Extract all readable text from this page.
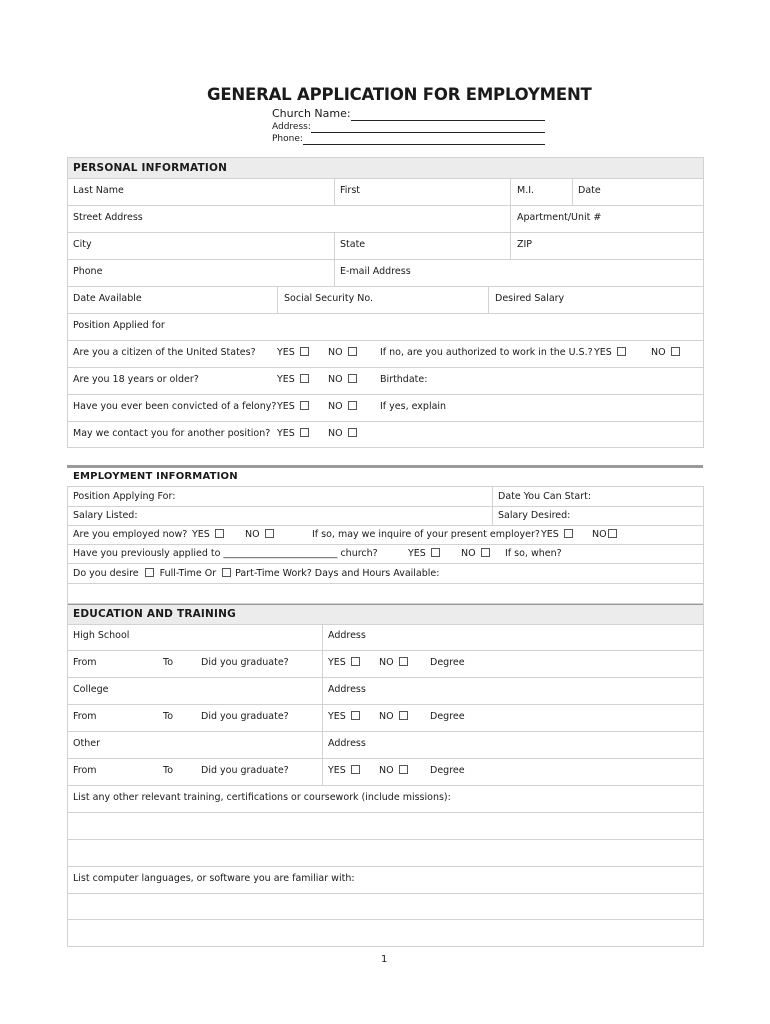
GENERAL APPLICATION FOR EMPLOYMENT
Church Name:
Address:
Phone:
PERSONAL INFORMATION
Last Name	First	M.I.	Date
Street Address	Apartment/Unit #
City	State	ZIP
Phone	E-mail Address
Date Available	Social Security No.	Desired Salary
Position Applied for
Are you a citizen of the United States? YES	NO	If no, are you authorized to work in the U.S.? YES	NO
Are you 18 years or older?	YES	NO	Birthdate:
Have you ever been convicted of a felony? YES	NO	If yes, explain
May we contact you for another position? YES	NO
EMPLOYMENT INFORMATION
Position Applying For:	Date You Can Start:
Salary Listed:	Salary Desired:
Are you employed now? YES	NO	If so, may we inquire of your present employer? YES	NO
Have you previously applied to ________________________ church?	YES	NO	If so, when?
Do you desire Full-Time Or Part-Time Work? Days and Hours Available:
EDUCATION AND TRAINING
High School	Address
From	To	Did you graduate?	YES	NO	Degree
College	Address
From	To	Did you graduate?	YES	NO	Degree
Other	Address
From	To	Did you graduate?	YES	NO	Degree
List any other relevant training, certifications or coursework (include missions):
List computer languages, or software you are familiar with:
1
